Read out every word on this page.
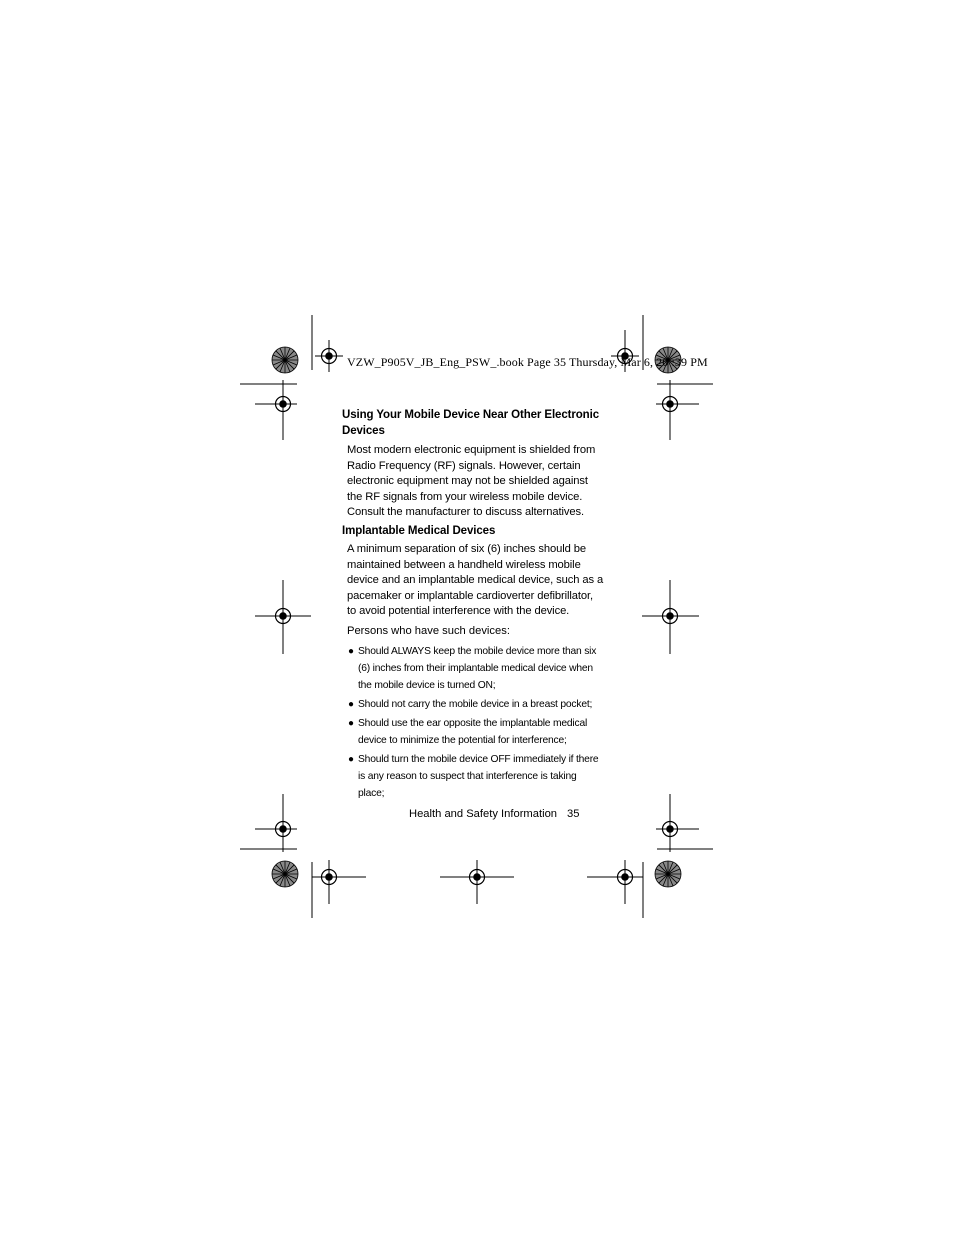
VZW_P905V_JB_Eng_PSW_.book Page 35 Thursday, Mar 6, 20 :39 PM
Using Your Mobile Device Near Other Electronic Devices

Most modern electronic equipment is shielded from Radio Frequency (RF) signals. However, certain electronic equipment may not be shielded against the RF signals from your wireless mobile device. Consult the manufacturer to discuss alternatives.

Implantable Medical Devices

A minimum separation of six (6) inches should be maintained between a handheld wireless mobile device and an implantable medical device, such as a pacemaker or implantable cardioverter defibrillator, to avoid potential interference with the device.

Persons who have such devices:

● Should ALWAYS keep the mobile device more than six (6) inches from their implantable medical device when the mobile device is turned ON;
● Should not carry the mobile device in a breast pocket;
● Should use the ear opposite the implantable medical device to minimize the potential for interference;
● Should turn the mobile device OFF immediately if there is any reason to suspect that interference is taking place;
Health and Safety Information 35
